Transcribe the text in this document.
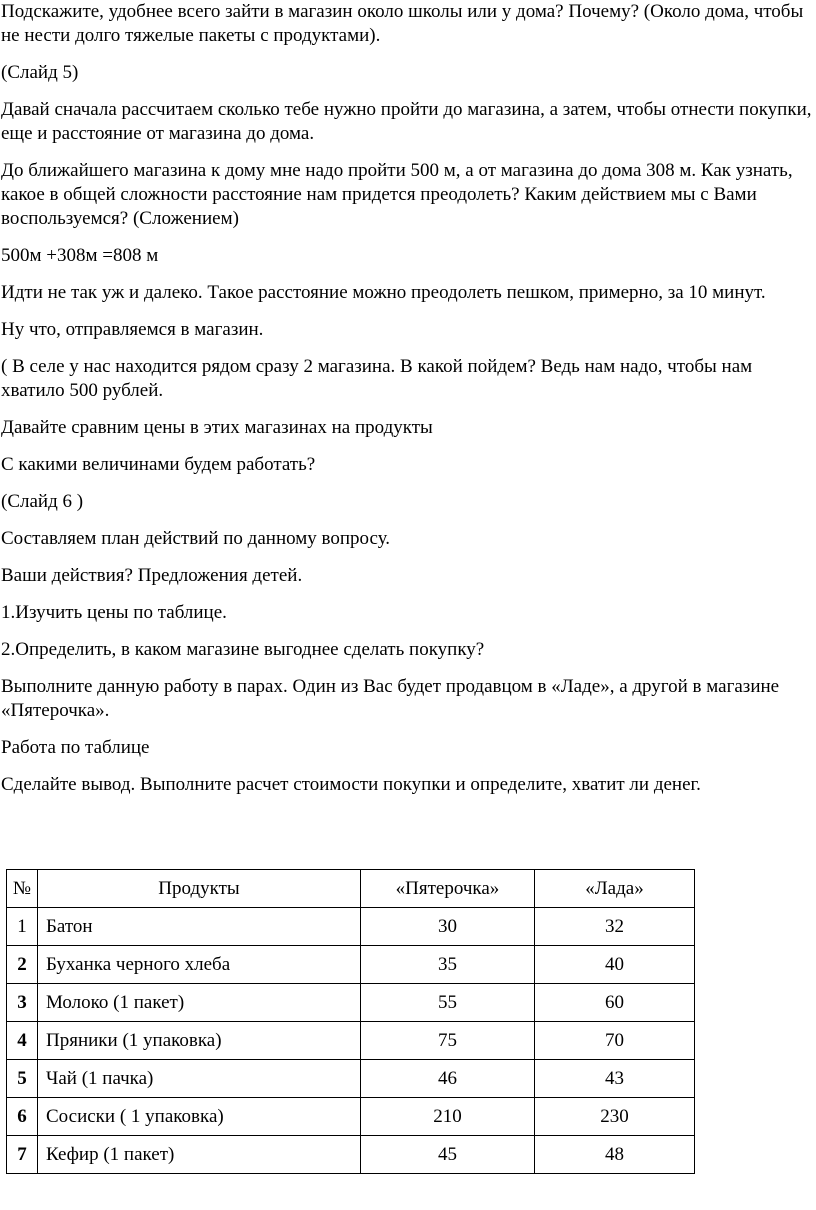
Подскажите, удобнее всего зайти в магазин около школы или у дома? Почему? (Около дома, чтобы не нести долго тяжелые пакеты с продуктами).

(Слайд 5)

Давай сначала рассчитаем сколько тебе нужно пройти до магазина, а затем, чтобы отнести покупки, еще и расстояние от магазина до дома.

До ближайшего магазина к дому мне надо пройти 500 м, а от магазина до дома 308 м. Как узнать, какое в общей сложности расстояние нам придется преодолеть? Каким действием мы с Вами воспользуемся? (Сложением)

500м +308м =808 м

Идти не так уж и далеко. Такое расстояние можно преодолеть пешком, примерно, за 10 минут.

Ну что, отправляемся в магазин.

( В селе у нас находится рядом сразу 2 магазина. В какой пойдем? Ведь нам надо, чтобы нам хватило 500 рублей.

Давайте сравним цены в этих магазинах на продукты

С какими величинами будем работать?

(Слайд 6 )

Составляем план действий по данному вопросу.

Ваши действия? Предложения детей.

1.Изучить цены по таблице.

2.Определить, в каком магазине выгоднее сделать покупку?

Выполните данную работу в парах. Один из Вас будет продавцом в «Ладе», а другой в магазине «Пятерочка».

Работа по таблице

Сделайте вывод. Выполните расчет стоимости покупки и определите, хватит ли денег.

№	Продукты	«Пятерочка»	«Лада»
1	Батон	30	32
2	Буханка черного хлеба	35	40
3	Молоко (1 пакет)	55	60
4	Пряники (1 упаковка)	75	70
5	Чай (1 пачка)	46	43
6	Сосиски ( 1 упаковка)	210	230
7	Кефир (1 пакет)	45	48
